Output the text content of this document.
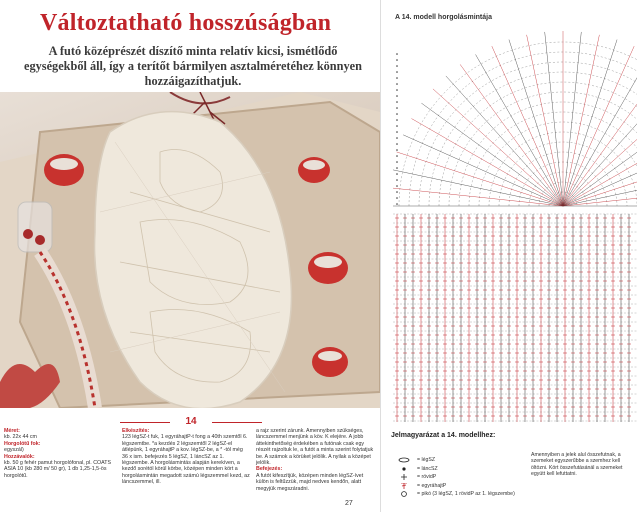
Változtatható hosszúságban
A futó középrészét díszítő minta relatív kicsi, ismétlődő egységekből áll, így a terítőt bármilyen asztalméretéhez könnyen hozzáigazíthatjuk.
14
Méret:
kb. 22x 44 cm
Horgolótű fok:
egyszál)
Hozzávalók:
kb. 50 g fehér pamut horgolófonal, pl. COATS ASIA 10 (kb 280 m/ 50 gr), 1 db 1,25-1,5-ös horgolótű.
Elkészítés:
123 légSZ-t fuk, 1 egyráhajtP-t fong a 40th szemtől 6. légszemtbe. *a kezdés 2 légszemtől 2 légSZ-el átlépünk, 1 egyráhajtP a kov. légSZ-be, a * -tól még 36 x ism. befejezés 5 légSZ, 1 láncSZ az 1. légszembe. A horgolásmintás alapján kerekíven, a kezdő sorétól körül körbe, középen minden kört a horgolásmintán megadott számú légszemmel kezd, az láncszemmel, ill.
a rajz szerint zárunk. Amennyiben szükséges, láncszemmel menjünk a köv. K elejére. A jobb áttekinthetőség érdekében a futónak csak egy részét rajzoltuk le, a futót a minta szerint folytatjuk be. A számok a körüket jelölik. A nyilak a középet jelölik.
Befejezés:
A futót kifeszítjük, középen minden légSZ-ívet külön is feltűzzük, majd nedves kendőn, alatt megyjük megszáradni.
27
A 14. modell horgolásmintája
Jelmagyarázat a 14. modellhez:
= légSZ
= láncSZ
= rövidP
= egyráhajtP
= pikó (3 légSZ, 1 rövidP az 1. légszembe)
Amennyiben a jelek alul összefutnak, a szemeket egyszerűbbe a szemhez kell öltözni. Kört összefutásánál a szemeket együtt kell lefuttatni.
